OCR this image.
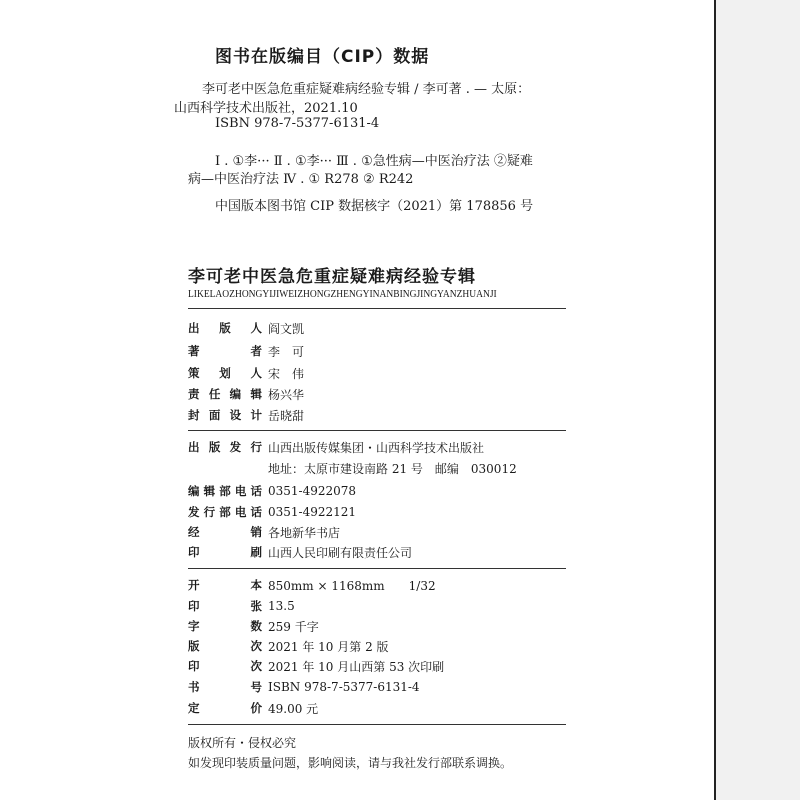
图书在版编目（CIP）数据
李可老中医急危重症疑难病经验专辑 / 李可著 . — 太原：
山西科学技术出版社，2021.10
ISBN 978-7-5377-6131-4
Ⅰ . ①李··· Ⅱ . ①李··· Ⅲ . ①急性病—中医治疗法 ②疑难
病—中医治疗法 Ⅳ . ① R278 ② R242
中国版本图书馆 CIP 数据核字（2021）第 178856 号
李可老中医急危重症疑难病经验专辑
LIKELAOZHONGYIJIWEIZHONGZHENGYINANBINGJINGYANZHUANJI
出版人 阎文凯
著者 李　可
策划人 宋　伟
责任编辑 杨兴华
封面设计 岳晓甜
出版发行 山西出版传媒集团・山西科学技术出版社
地址：太原市建设南路 21 号　邮编　030012
编辑部电话 0351-4922078
发行部电话 0351-4922121
经销 各地新华书店
印刷 山西人民印刷有限责任公司
开本 850mm × 1168mm　　1/32
印张 13.5
字数 259 千字
版次 2021 年 10 月第 2 版
印次 2021 年 10 月山西第 53 次印刷
书号 ISBN 978-7-5377-6131-4
定价 49.00 元
版权所有・侵权必究
如发现印装质量问题，影响阅读，请与我社发行部联系调换。
